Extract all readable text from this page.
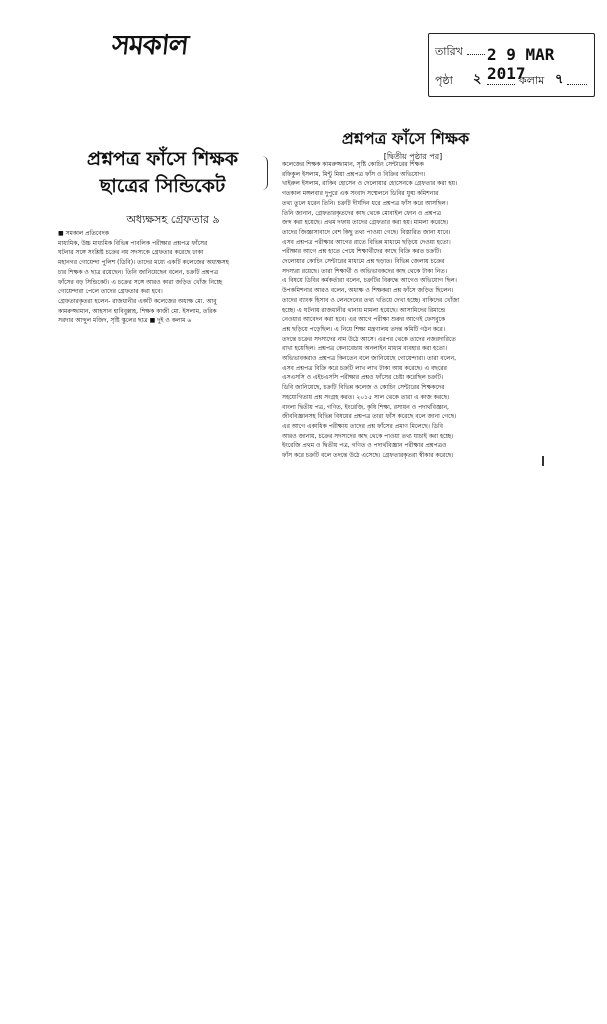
সমকাল	তারিখ 2 9 MAR 2017
পৃষ্ঠা ২	কলাম ৭
প্রশ্নপত্র ফাঁসে শিক্ষক
ছাত্রের সিন্ডিকেট
অধ্যক্ষসহ গ্রেফতার ৯
■ সমকাল প্রতিবেদক
মাধ্যমিক, উচ্চ মাধ্যমিক বিভিন্ন পাবলিক পরীক্ষার প্রশ্নপত্র ফাঁসের
ঘটনার সঙ্গে সংশ্লিষ্ট চক্রের নয় সদস্যকে গ্রেফতার করেছে ঢাকা
মহানগর গোয়েন্দা পুলিশ (ডিবি)। তাদের মধ্যে একটি কলেজের অধ্যক্ষসহ
চার শিক্ষক ও ছাত্র রয়েছেন। তিনি জানিয়েছেন বলেন, চক্রটি প্রশ্নপত্র
ফাঁসের বড় সিন্ডিকেট। এ চক্রের সঙ্গে আরও কারা জড়িত খোঁজ নিচ্ছে
গোয়েন্দারা পেলে তাদের গ্রেফতার করা হবে।
গ্রেফতারকৃতরা হলেন- রাজধানীর একটি কলেজের অধ্যক্ষ মো. আবু
কামরুজ্জামান, আহসান হাবিবুল্লাহ, শিক্ষক কাজী মো. ইসলাম, তরিক
সরদার আব্দুল মজিদ, সৃষ্টি স্কুলের ছাত্র ■ দুই ও কলাম ৬
প্রশ্নপত্র ফাঁসে শিক্ষক
[দ্বিতীয় পৃষ্ঠার পর]
কলেজের শিক্ষক কামরুজ্জামান, সৃষ্টি কোচিং সেন্টারের শিক্ষক
রফিকুল ইসলাম, মিন্টু মিয়া প্রশ্নপত্র ফাঁস ও বিক্রির অভিযোগ।
খাইরুল ইসলাম, রাকিব হোসেন ও দেলোয়ার হোসেনকে গ্রেফতার করা হয়।
গতকাল মঙ্গলবার দুপুরে এক সংবাদ সম্মেলনে ডিবির যুগ্ম কমিশনার
তথ্য তুলে ধরেন তিনি। চক্রটি দীর্ঘদিন ধরে প্রশ্নপত্র ফাঁস করে আসছিল।
তিনি জানান, গ্রেফতারকৃতদের কাছ থেকে মোবাইল ফোন ও প্রশ্নপত্র
জব্দ করা হয়েছে। প্রথম দফায় তাদের গ্রেফতার করা হয়। মামলা করেছে।
তাদের জিজ্ঞাসাবাদে বেশ কিছু তথ্য পাওয়া গেছে। বিস্তারিত জানা যাবে।
এসব প্রশ্নপত্র পরীক্ষার আগের রাতে বিভিন্ন মাধ্যমে ছড়িয়ে দেওয়া হতো।
পরীক্ষার আগে প্রশ্ন হাতে পেয়ে শিক্ষার্থীদের কাছে বিক্রি করত চক্রটি।
দেলোয়ার কোচিং সেন্টারের মাধ্যমে প্রশ্ন ছড়াত। বিভিন্ন জেলায় চক্রের
সদস্যরা রয়েছে। তারা শিক্ষার্থী ও অভিভাবকদের কাছ থেকে টাকা নিত।
এ বিষয়ে ডিবির কর্মকর্তারা বলেন, চক্রটির বিরুদ্ধে আগেও অভিযোগ ছিল।
উপকমিশনার আরও বলেন, অধ্যক্ষ ও শিক্ষকরা প্রশ্ন ফাঁসে জড়িত ছিলেন।
তাদের ব্যাংক হিসাব ও লেনদেনের তথ্য খতিয়ে দেখা হচ্ছে। বাকিদের খোঁজা
হচ্ছে। এ ঘটনায় রাজধানীর থানায় মামলা হয়েছে। আসামিদের রিমান্ডে
নেওয়ার আবেদন করা হবে। এর আগে পরীক্ষা শুরুর আগেই ফেসবুকে
প্রশ্ন ছড়িয়ে পড়েছিল। এ নিয়ে শিক্ষা মন্ত্রণালয় তদন্ত কমিটি গঠন করে।
তদন্তে চক্রের সদস্যদের নাম উঠে আসে। এরপর থেকে তাদের নজরদারিতে
রাখা হয়েছিল। প্রশ্নপত্র কেনাবেচায় অনলাইন মাধ্যম ব্যবহার করা হতো।
অভিভাবকরাও প্রশ্নপত্র কিনতেন বলে জানিয়েছে গোয়েন্দারা। তারা বলেন,
এসব প্রশ্নপত্র বিক্রি করে চক্রটি লাখ লাখ টাকা আয় করেছে। এ বছরের
এসএসসি ও এইচএসসি পরীক্ষার প্রশ্নও ফাঁসের চেষ্টা করেছিল চক্রটি।
ডিবি জানিয়েছে, চক্রটি বিভিন্ন কলেজ ও কোচিং সেন্টারের শিক্ষকদের
সহযোগিতায় প্রশ্ন সংগ্রহ করত। ২০১৫ সাল থেকে তারা এ কাজ করছে।
বাংলা দ্বিতীয় পত্র, গণিত, ইংরেজি, কৃষি শিক্ষা, রসায়ন ও পদার্থবিজ্ঞান,
জীববিজ্ঞানসহ বিভিন্ন বিষয়ের প্রশ্নপত্র তারা ফাঁস করেছে বলে জানা গেছে।
এর আগে একাধিক পরীক্ষায় তাদের প্রশ্ন ফাঁসের প্রমাণ মিলেছে। ডিবি
আরও জানায়, চক্রের সদস্যদের কাছ থেকে পাওয়া তথ্য যাচাই করা হচ্ছে।
ইংরেজি প্রথম ও দ্বিতীয় পত্র, গণিত ও পদার্থবিজ্ঞান পরীক্ষার প্রশ্নপত্রও
ফাঁস করে চক্রটি বলে তদন্তে উঠে এসেছে। গ্রেফতারকৃতরা স্বীকার করেছে।
